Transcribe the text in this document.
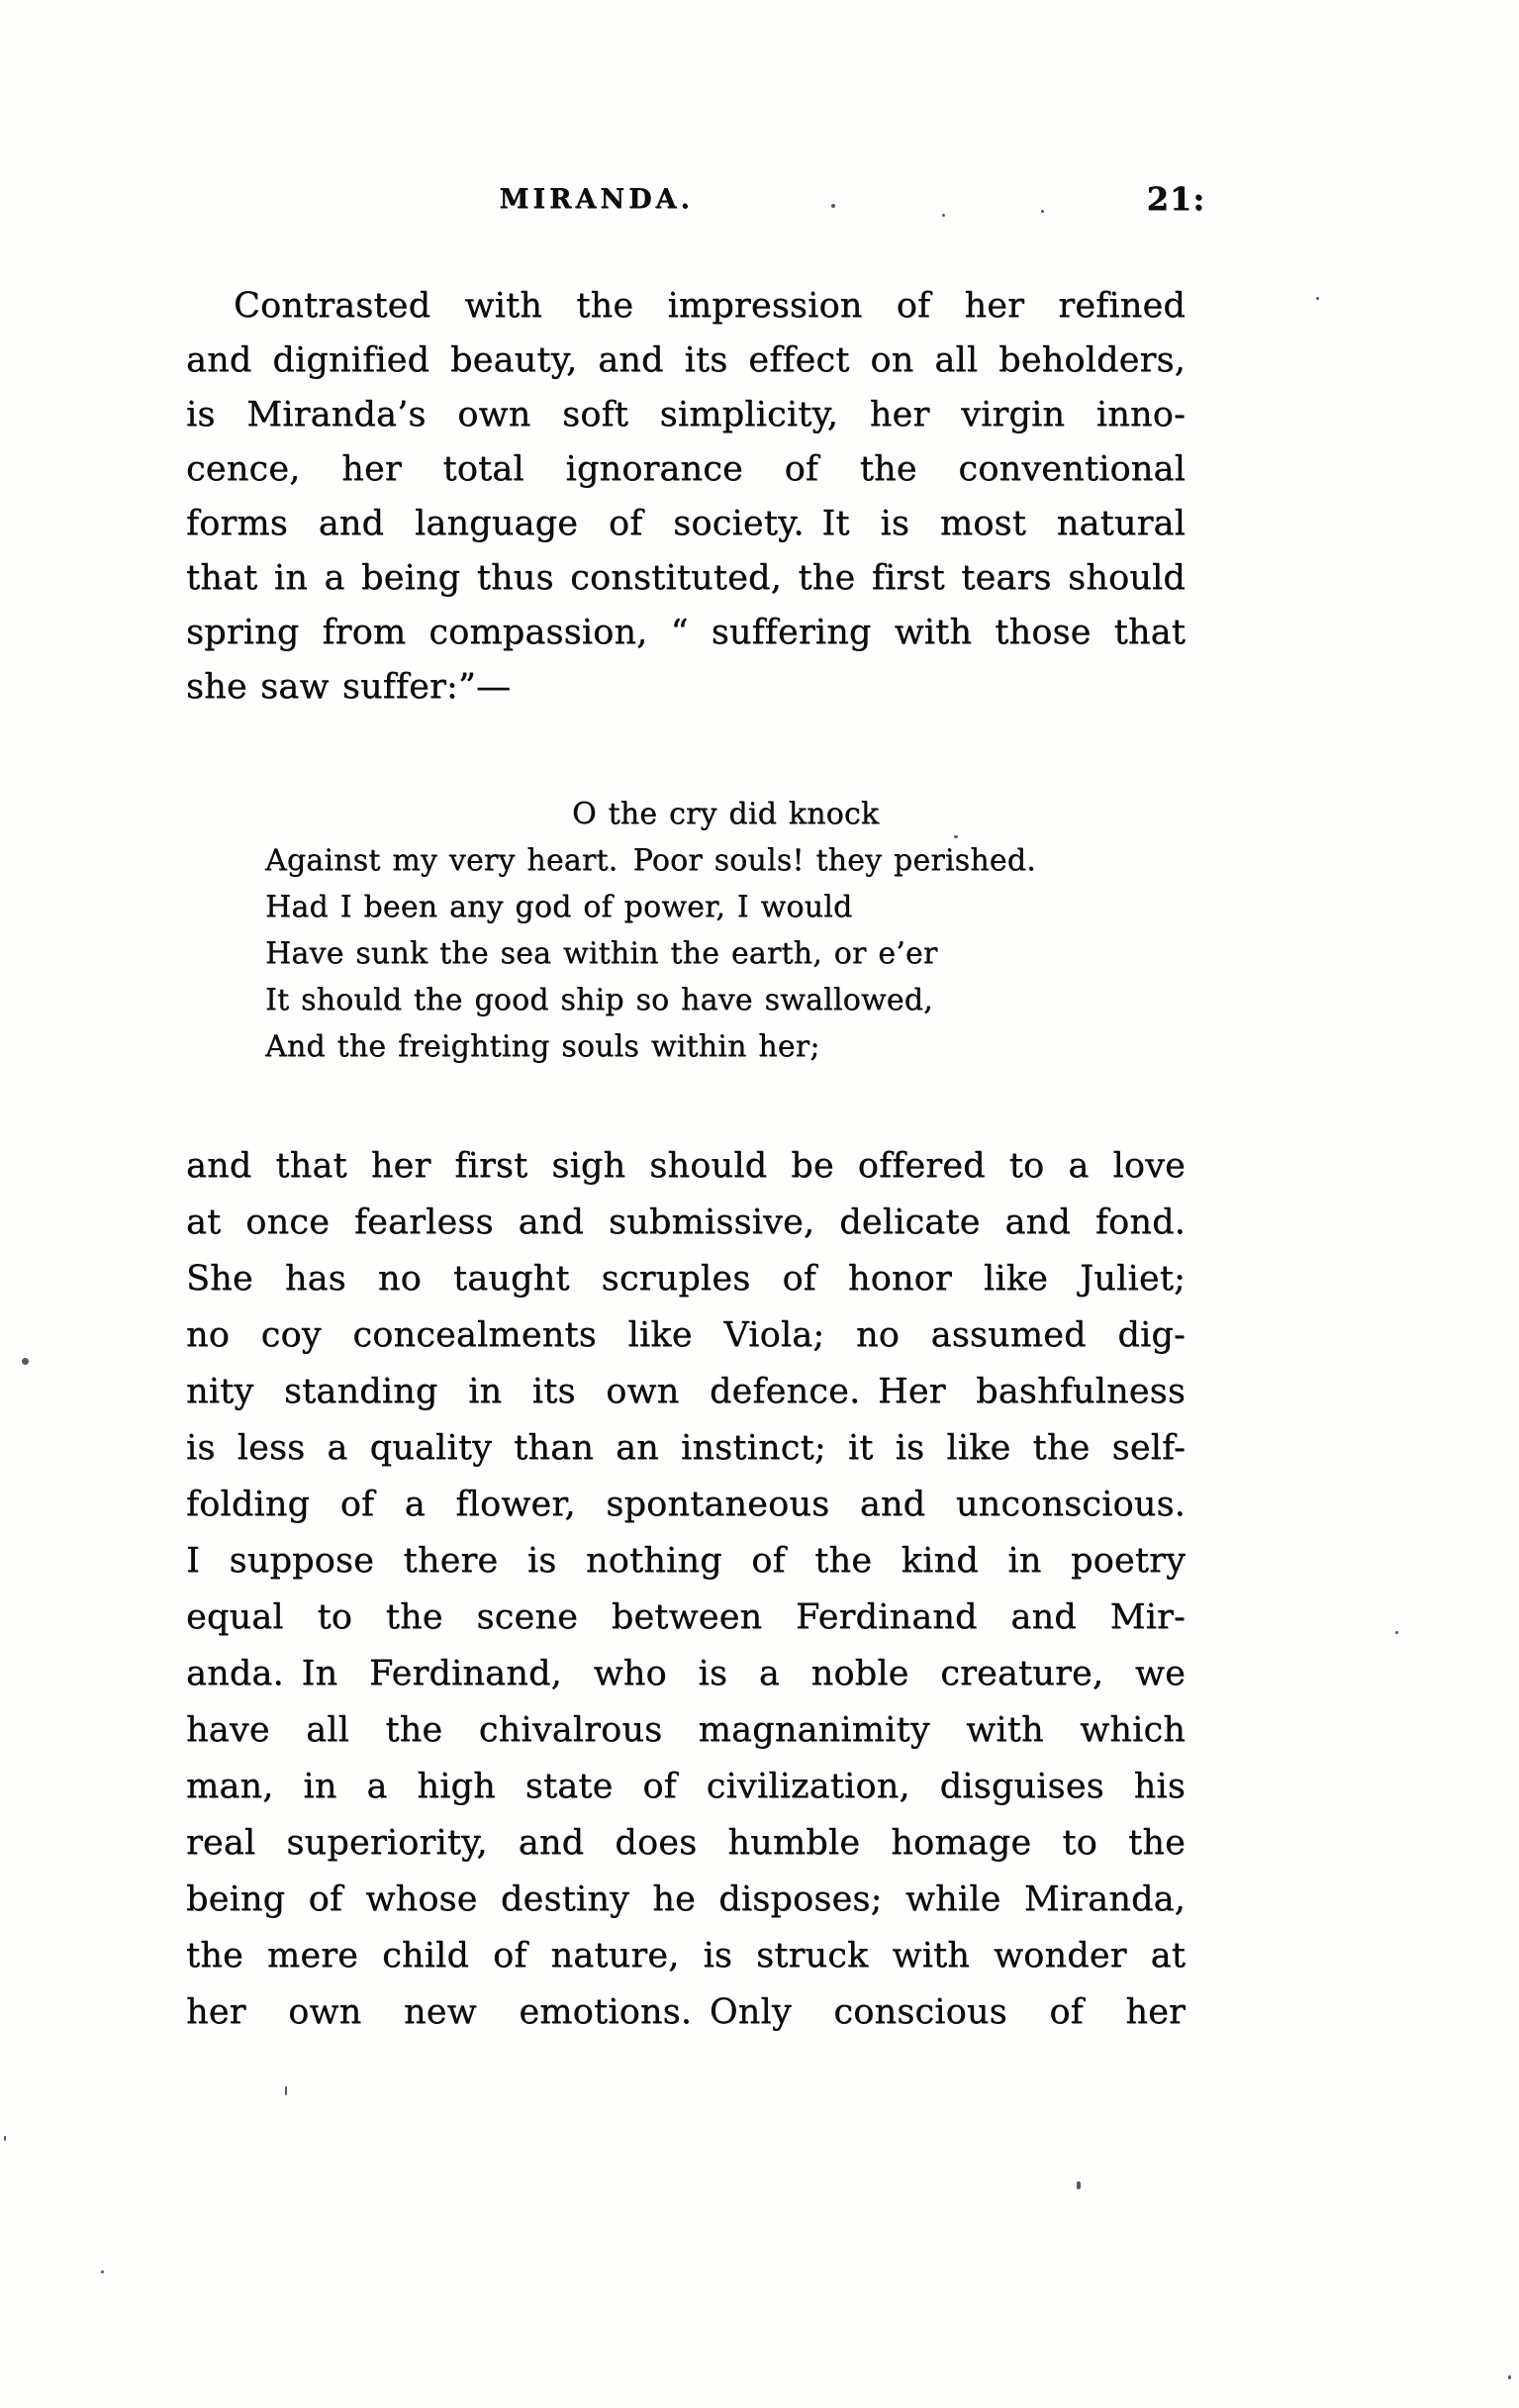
MIRANDA.	21:
Contrasted with the impression of her refined
and dignified beauty, and its effect on all beholders,
is Miranda’s own soft simplicity, her virgin inno-
cence, her total ignorance of the conventional
forms and language of society. It is most natural
that in a being thus constituted, the first tears should
spring from compassion, “ suffering with those that
she saw suffer:”—
O the cry did knock
Against my very heart. Poor souls! they perished.
Had I been any god of power, I would
Have sunk the sea within the earth, or e’er
It should the good ship so have swallowed,
And the freighting souls within her;
and that her first sigh should be offered to a love
at once fearless and submissive, delicate and fond.
She has no taught scruples of honor like Juliet;
no coy concealments like Viola; no assumed dig-
nity standing in its own defence. Her bashfulness
is less a quality than an instinct; it is like the self-
folding of a flower, spontaneous and unconscious.
I suppose there is nothing of the kind in poetry
equal to the scene between Ferdinand and Mir-
anda. In Ferdinand, who is a noble creature, we
have all the chivalrous magnanimity with which
man, in a high state of civilization, disguises his
real superiority, and does humble homage to the
being of whose destiny he disposes; while Miranda,
the mere child of nature, is struck with wonder at
her own new emotions. Only conscious of her
